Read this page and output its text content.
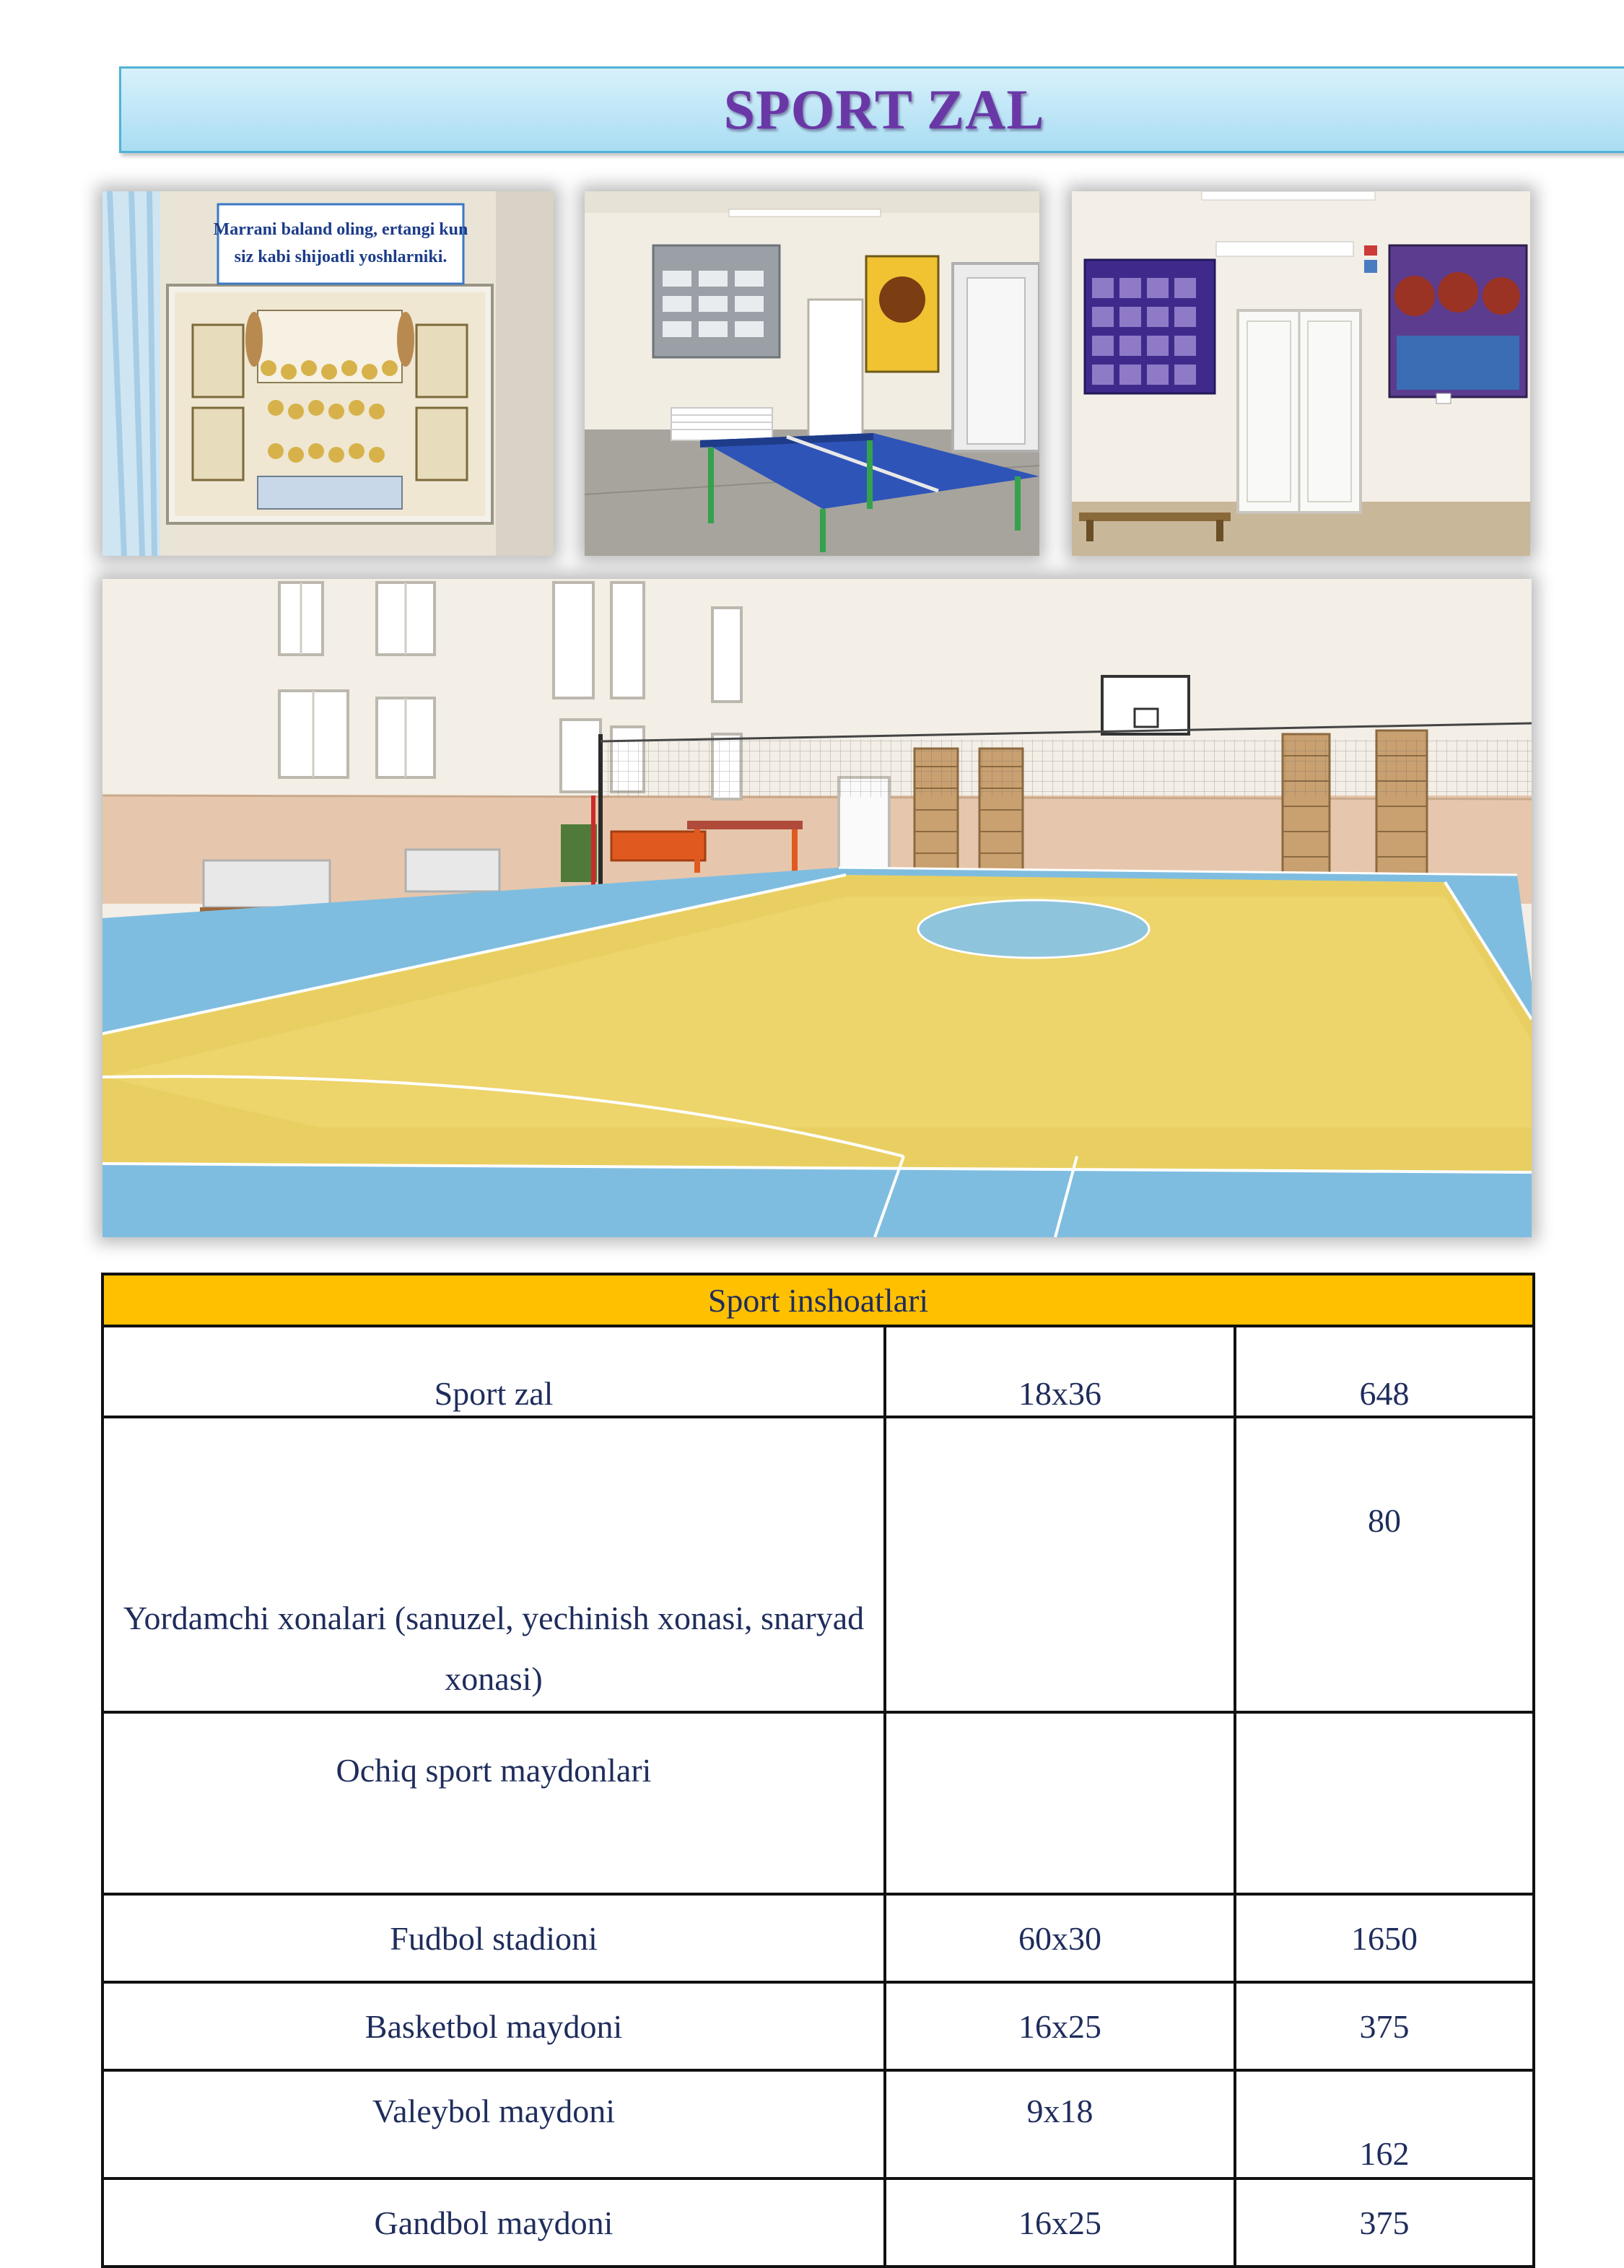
SPORT ZAL
Marrani baland oling, ertangi kun
siz kabi shijoatli yoshlarniki.
Sport inshoatlari		
Sport zal	18x36	648
Yordamchi xonalari (sanuzel, yechinish xonasi, snaryad xonasi)		80
Ochiq sport maydonlari		
Fudbol stadioni	60x30	1650
Basketbol maydoni	16x25	375
Valeybol maydoni	9x18	162
Gandbol maydoni	16x25	375
